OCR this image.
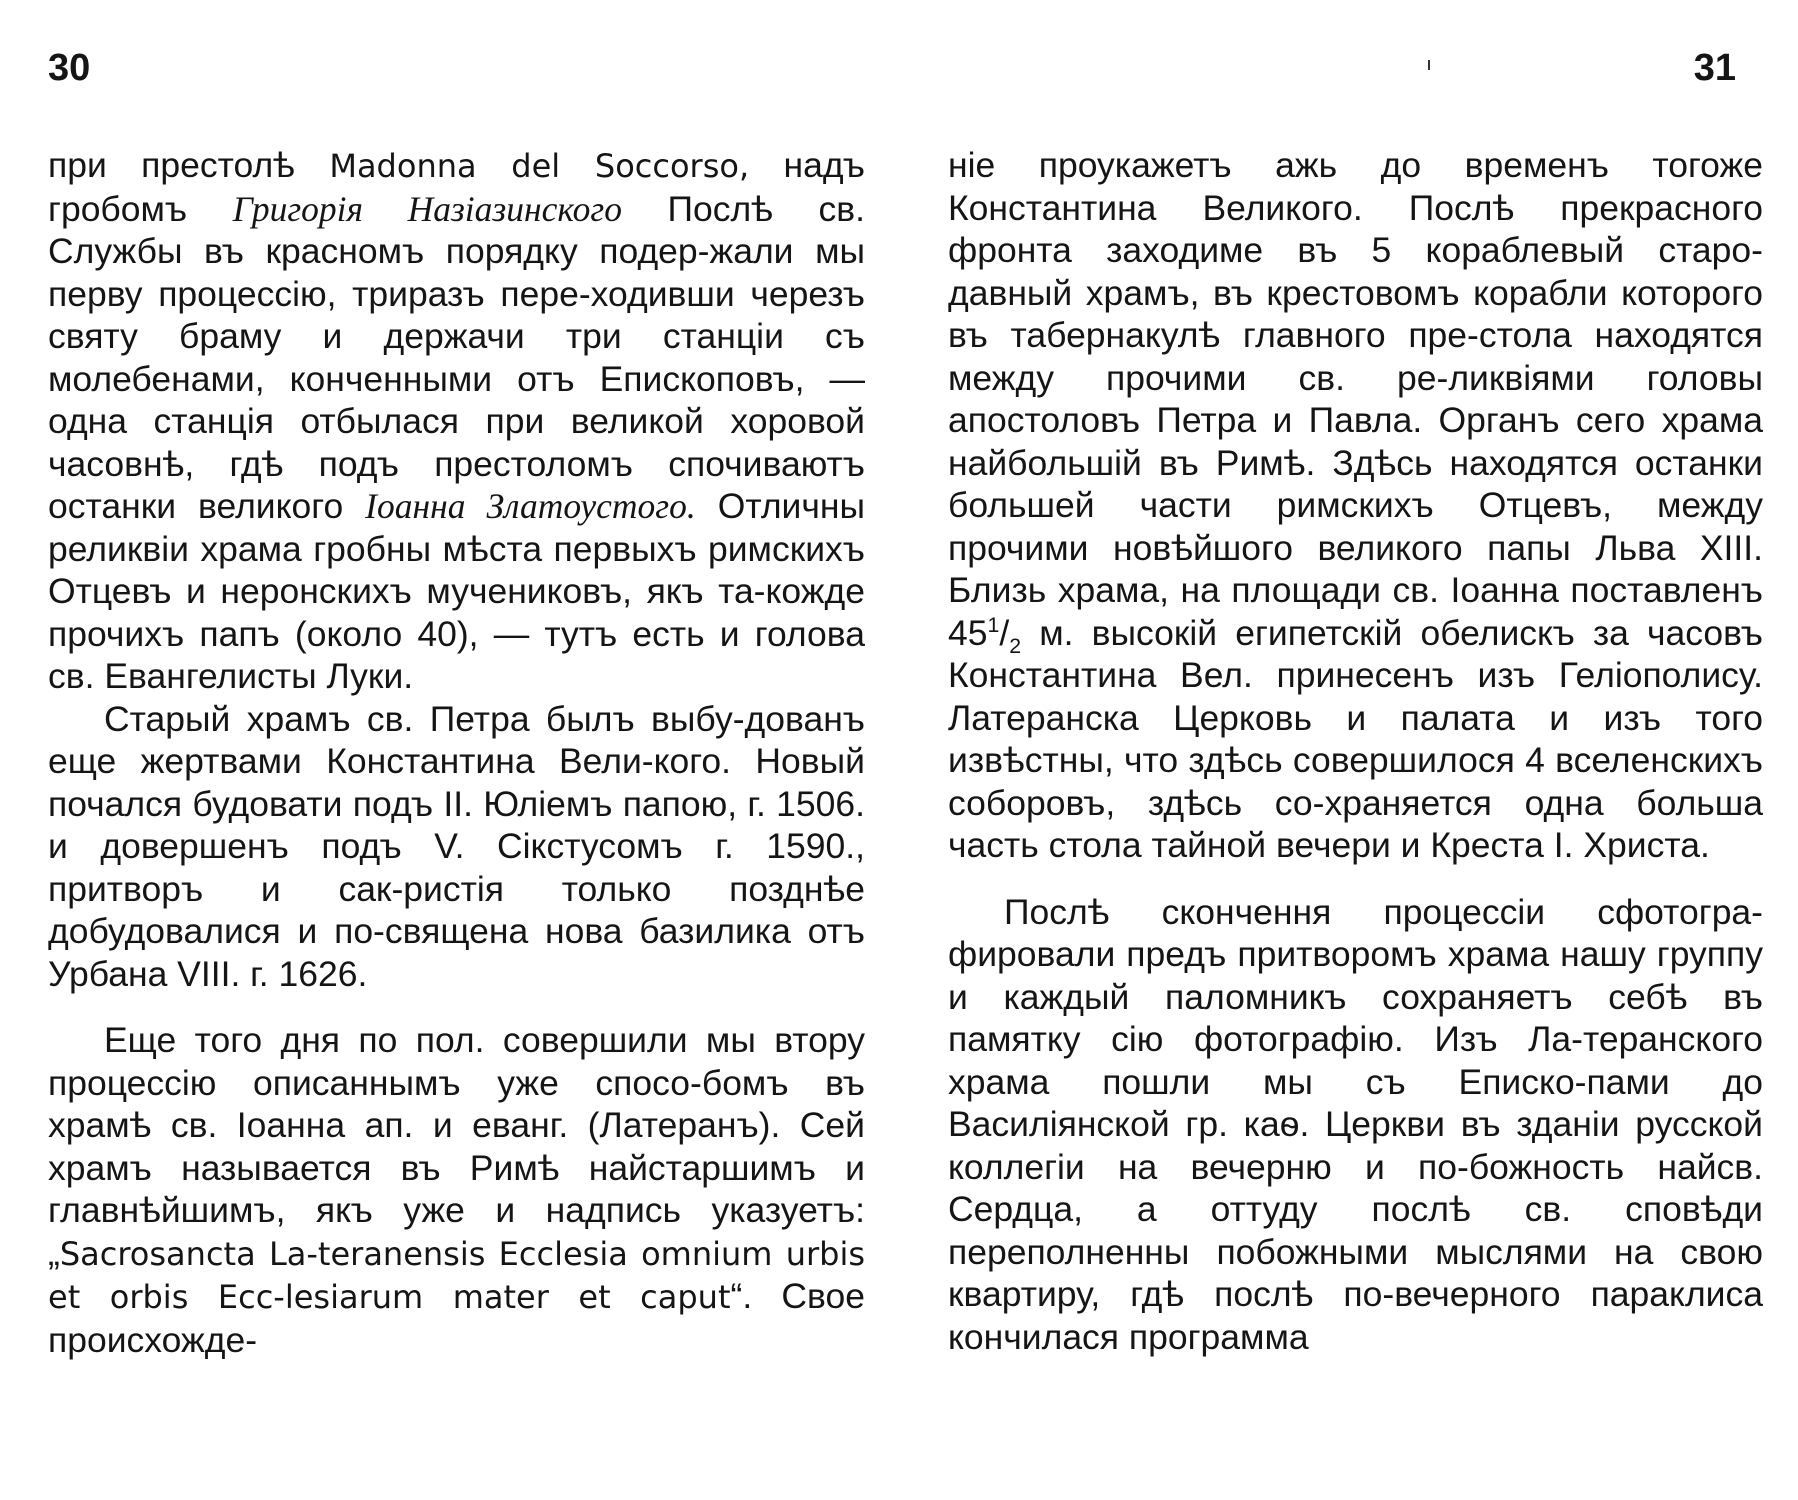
30

при престолѣ Madonna del Soccorso, надъ гробомъ Григорія Назіазинского Послѣ св. Службы въ красномъ порядку подер-жали мы перву процессію, триразъ пере-ходивши черезъ святу браму и держачи три станціи съ молебенами, конченными отъ Епископовъ, — одна станція отбылася при великой хоровой часовнѣ, гдѣ подъ престоломъ спочиваютъ останки великого Іоанна Златоустого. Отличны реликвіи храма гробны мѣста первыхъ римскихъ Отцевъ и неронскихъ мучениковъ, якъ та-кожде прочихъ папъ (около 40), — тутъ есть и голова св. Евангелисты Луки.

Старый храмъ св. Петра былъ выбу-дованъ еще жертвами Константина Вели-кого. Новый почался будовати подъ II. Юліемъ папою, г. 1506. и довершенъ подъ V. Сікстусомъ г. 1590., притворъ и сак-ристія только позднѣе добудовалися и по-священа нова базилика отъ Урбана VIII. г. 1626.

Еще того дня по пол. совершили мы втору процессію описаннымъ уже спосо-бомъ въ храмѣ св. Іоанна ап. и еванг. (Латеранъ). Сей храмъ называется въ Римѣ найстаршимъ и главнѣйшимъ, якъ уже и надпись указуетъ: „Sacrosancta La-teranensis Ecclesia omnium urbis et orbis Ecc-lesiarum mater et caput“. Свое происхожде-

31

ніе проукажетъ ажь до временъ тогоже Константина Великого. Послѣ прекрасного фронта заходиме въ 5 кораблевый старо-давный храмъ, въ крестовомъ корабли которого въ табернакулѣ главного пре-стола находятся между прочими св. ре-ликвіями головы апостоловъ Петра и Павла. Органъ сего храма найбольшій въ Римѣ. Здѣсь находятся останки большей части римскихъ Отцевъ, между прочими новѣйшого великого папы Льва XIII. Близь храма, на площади св. Іоанна поставленъ $45^1/_2$ м. высокій египетскій обелискъ за часовъ Константина Вел. принесенъ изъ Геліополису. Латеранска Церковь и палата и изъ того извѣстны, что здѣсь совершилося 4 вселенскихъ соборовъ, здѣсь со-храняется одна большa часть стола тайной вечери и Креста І. Христа.

Послѣ скончення процессіи сфотогра-фировали предъ притворомъ храма нашу группу и каждый паломникъ сохраняетъ себѣ въ памятку сію фотографію. Изъ Ла-теранского храма пошли мы съ Еписко-пами до Василіянской гр. каѳ. Церкви въ зданіи русской коллегіи на вечерню и по-божность найсв. Сердца, а оттуду послѣ св. сповѣди переполненны побожными мыслями на свою квартиру, гдѣ послѣ по-вечерного параклиса кончилася программа
